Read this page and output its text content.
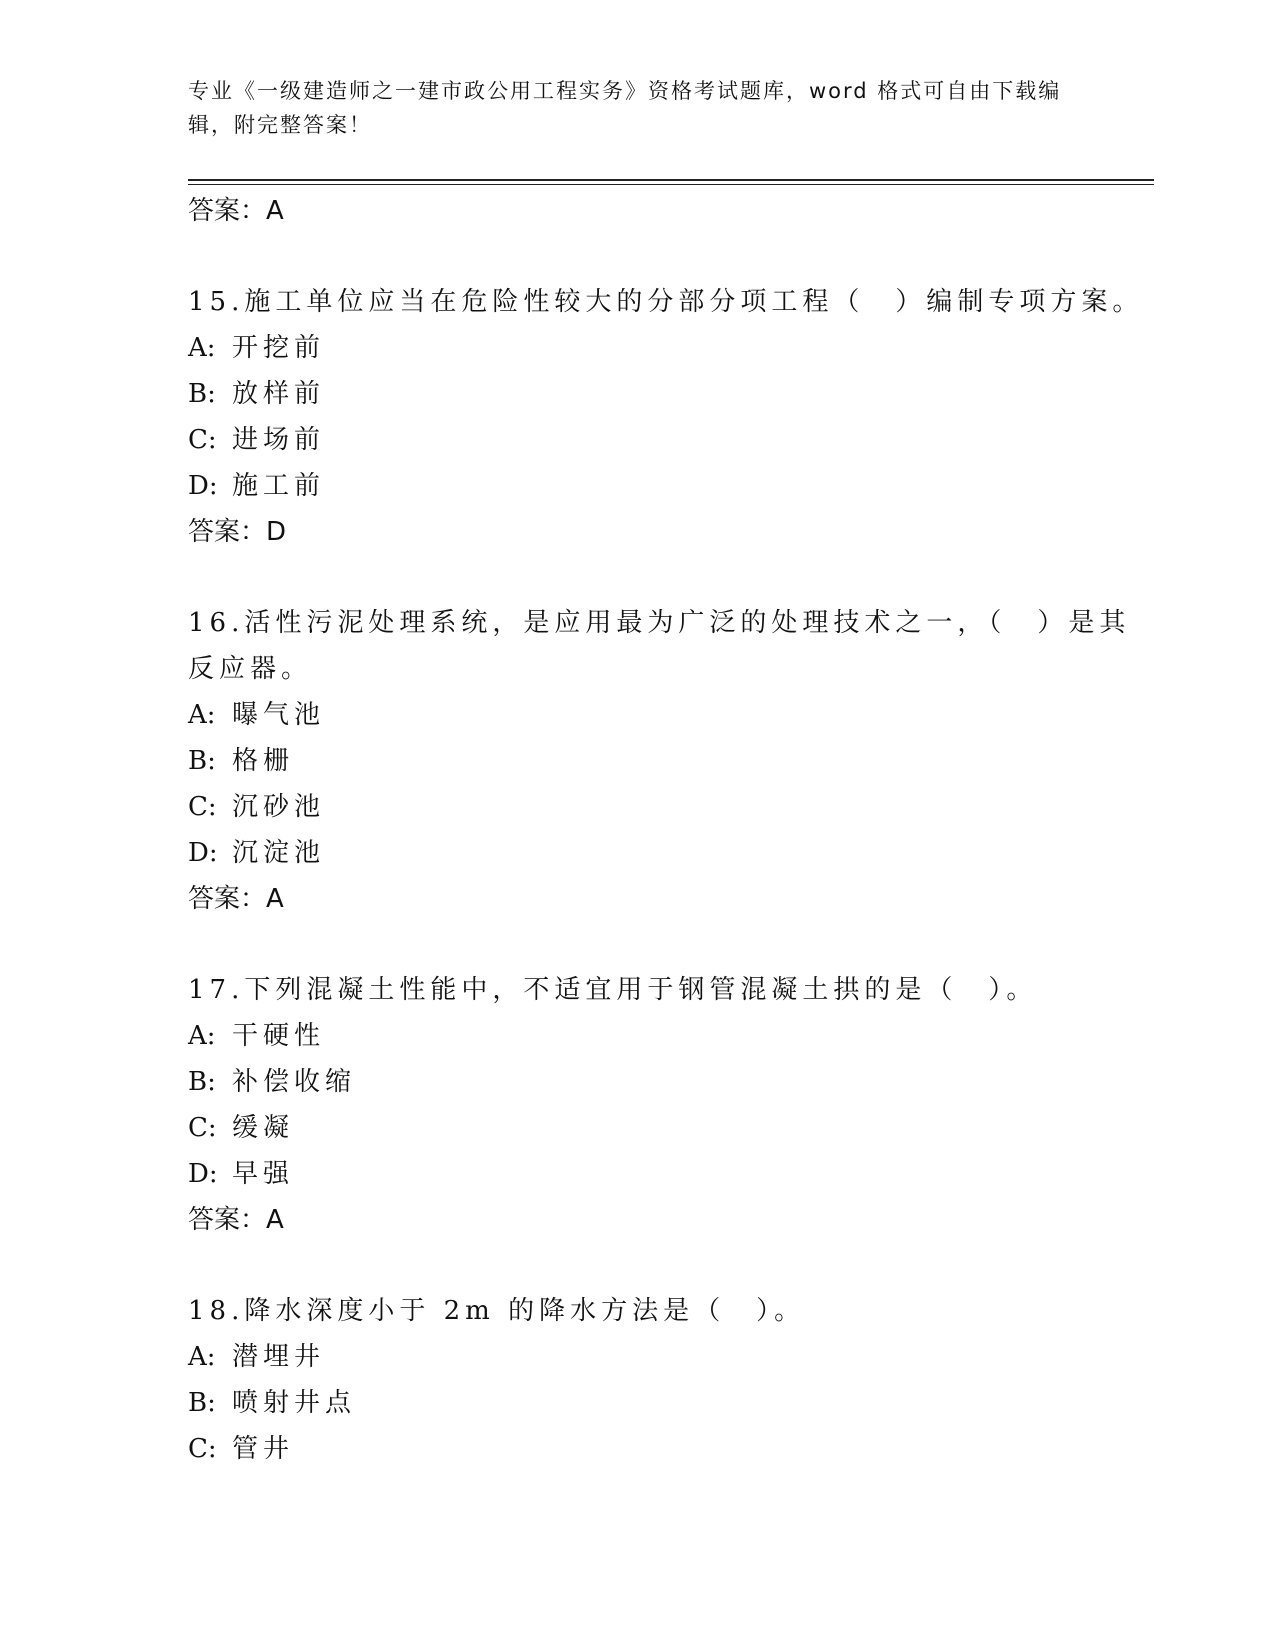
专业《一级建造师之一建市政公用工程实务》资格考试题库，word 格式可自由下载编辑，附完整答案！
答案：A
15.施工单位应当在危险性较大的分部分项工程（　）编制专项方案。
A: 开挖前
B: 放样前
C: 进场前
D: 施工前
答案：D
16.活性污泥处理系统，是应用最为广泛的处理技术之一，（　）是其反应器。
A: 曝气池
B: 格栅
C: 沉砂池
D: 沉淀池
答案：A
17.下列混凝土性能中，不适宜用于钢管混凝土拱的是（　）。
A: 干硬性
B: 补偿收缩
C: 缓凝
D: 早强
答案：A
18.降水深度小于 2m 的降水方法是（　）。
A: 潜埋井
B: 喷射井点
C: 管井
